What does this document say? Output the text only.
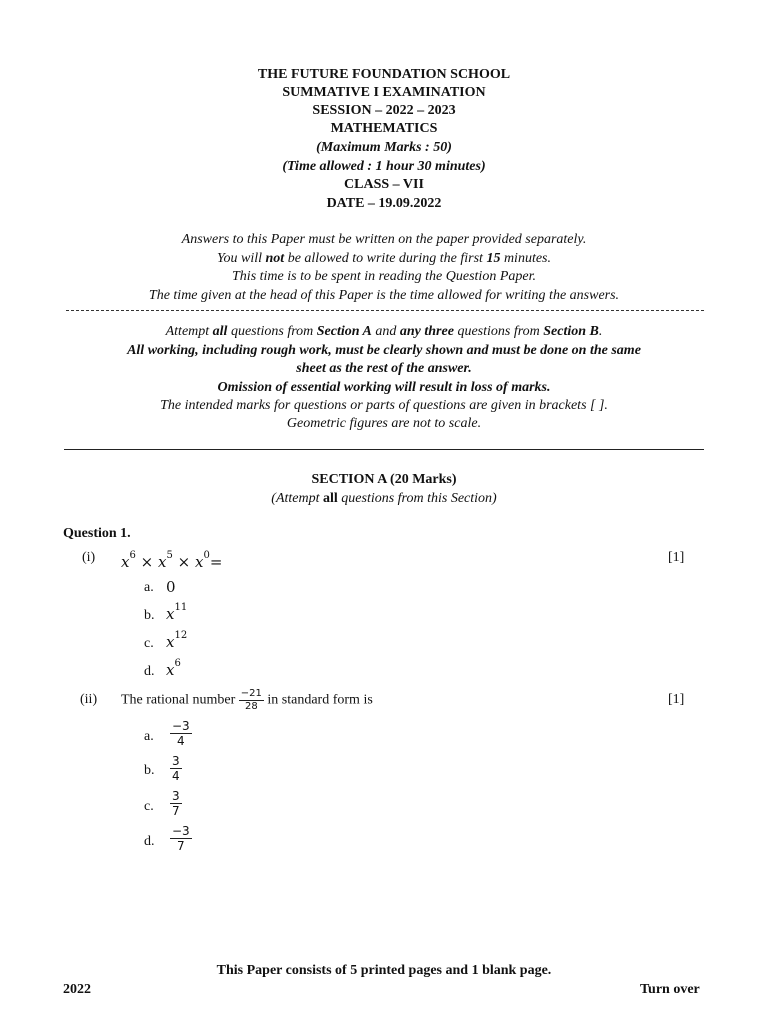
THE FUTURE FOUNDATION SCHOOL
SUMMATIVE I EXAMINATION
SESSION – 2022 – 2023
MATHEMATICS
(Maximum Marks : 50)
(Time allowed : 1 hour 30 minutes)
CLASS – VII
DATE – 19.09.2022
Answers to this Paper must be written on the paper provided separately.
You will not be allowed to write during the first 15 minutes.
This time is to be spent in reading the Question Paper.
The time given at the head of this Paper is the time allowed for writing the answers.
Attempt all questions from Section A and any three questions from Section B.
All working, including rough work, must be clearly shown and must be done on the same
sheet as the rest of the answer.
Omission of essential working will result in loss of marks.
The intended marks for questions or parts of questions are given in brackets [ ].
Geometric figures are not to scale.
SECTION A (20 Marks)
(Attempt all questions from this Section)
Question 1.
(i) $x^6 \times x^5 \times x^0=$	[1]
a. 0
b. $x^{11}$
c. $x^{12}$
d. $x^6$
(ii) The rational number $\frac{-21}{28}$ in standard form is	[1]
a. $\frac{-3}{4}$
b. $\frac{3}{4}$
c. $\frac{3}{7}$
d. $\frac{-3}{7}$
This Paper consists of 5 printed pages and 1 blank page.
2022	Turn over
